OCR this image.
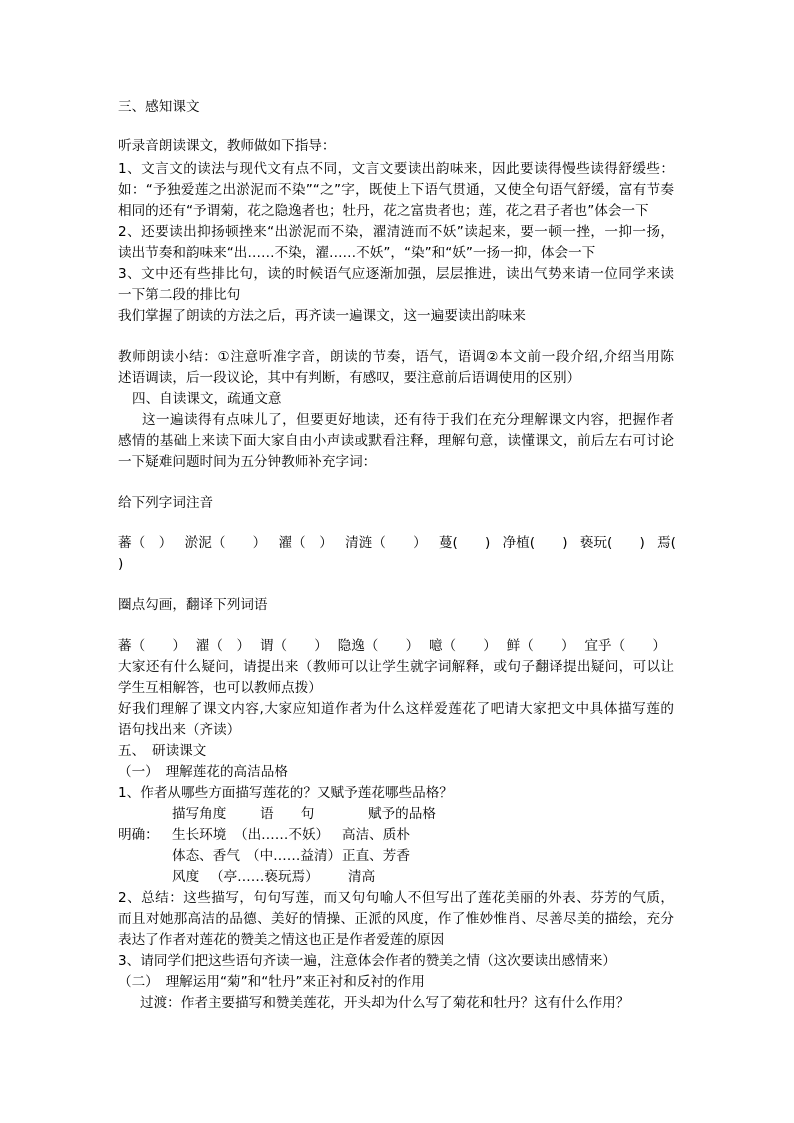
三、感知课文
听录音朗读课文，教师做如下指导：
1、文言文的读法与现代文有点不同，文言文要读出韵味来，因此要读得慢些读得舒缓些：
如：“予独爱莲之出淤泥而不染”“之”字，既使上下语气贯通，又使全句语气舒缓，富有节奏
相同的还有“予谓菊，花之隐逸者也；牡丹，花之富贵者也；莲，花之君子者也”体会一下
2、还要读出抑扬顿挫来“出淤泥而不染，濯清涟而不妖”读起来，要一顿一挫，一抑一扬，
读出节奏和韵味来“出……不染，濯……不妖”，“染”和“妖”一扬一抑，体会一下
3、文中还有些排比句，读的时候语气应逐渐加强，层层推进，读出气势来请一位同学来读
一下第二段的排比句
我们掌握了朗读的方法之后，再齐读一遍课文，这一遍要读出韵味来
教师朗读小结：①注意听准字音，朗读的节奏，语气，语调②本文前一段介绍,介绍当用陈
述语调读，后一段议论，其中有判断，有感叹，要注意前后语调使用的区别）
四、自读课文，疏通文意
这一遍读得有点味儿了，但要更好地读，还有待于我们在充分理解课文内容，把握作者
感情的基础上来读下面大家自由小声读或默看注释，理解句意，读懂课文，前后左右可讨论
一下疑难问题时间为五分钟教师补充字词：
给下列字词注音
蕃（　） 淤泥（　　） 濯（　） 清涟（　　） 蔓(　　) 净植(　　) 亵玩(　　) 焉(
)
圈点勾画，翻译下列词语
蕃（　　） 濯（　） 谓（　　） 隐逸（　　） 噫（　　） 鲜（　　） 宜乎（　　）
大家还有什么疑问，请提出来（教师可以让学生就字词解释，或句子翻译提出疑问，可以让
学生互相解答，也可以教师点拨）
好我们理解了课文内容,大家应知道作者为什么这样爱莲花了吧请大家把文中具体描写莲的
语句找出来（齐读）
五、　研读课文
（一）　理解莲花的高洁品格
1、作者从哪些方面描写莲花的？又赋予莲花哪些品格？
描写角度 语　　句	赋予的品格
明确： 生长环境 （出……不妖） 高洁、质朴
体态、香气 （中……益清） 正直、芳香
风度 （亭……亵玩焉） 清高
2、总结：这些描写，句句写莲，而又句句喻人不但写出了莲花美丽的外表、芬芳的气质，
而且对她那高洁的品德、美好的情操、正派的风度，作了惟妙惟肖、尽善尽美的描绘，充分
表达了作者对莲花的赞美之情这也正是作者爱莲的原因
3、请同学们把这些语句齐读一遍，注意体会作者的赞美之情（这次要读出感情来）
（二）　理解运用“菊”和“牡丹”来正衬和反衬的作用
过渡：作者主要描写和赞美莲花，开头却为什么写了菊花和牡丹？这有什么作用？
